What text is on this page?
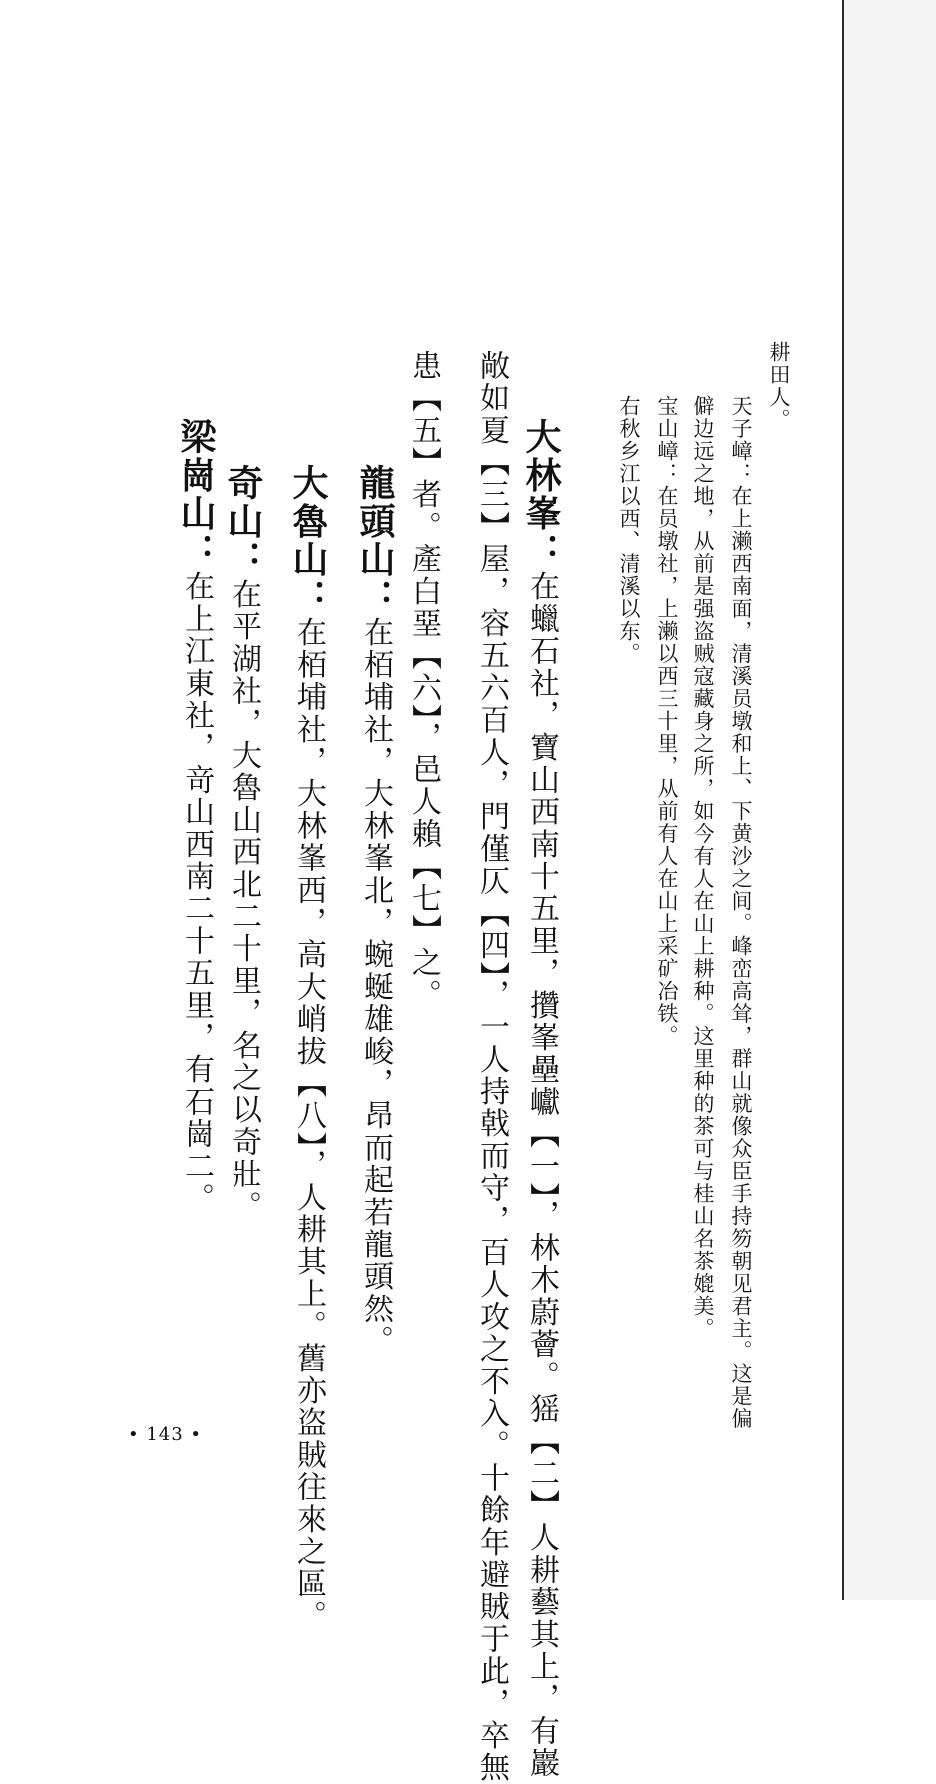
耕田人。
天子嶂：在上濑西南面，清溪员墩和上、下黄沙之间。峰峦高耸，群山就像众臣手持笏朝见君主。这是偏
僻边远之地，从前是强盗贼寇藏身之所，如今有人在山上耕种。这里种的茶可与桂山名茶媲美。
宝山嶂：在员墩社，上濑以西三十里，从前有人在山上采矿冶铁。
右秋乡江以西、清溪以东。
大林峯：在蠟石社，寶山西南十五里，攢峯壘巘【一】，林木蔚薈。猺【二】人耕藝其上，有巖
敞如夏【三】屋，容五六百人，門僅仄【四】，一人持戟而守，百人攻之不入。十餘年避賊于此，卒無
患【五】者。產白堊【六】，邑人賴【七】之。
龍頭山：在栢埔社，大林峯北，蜿蜒雄峻，昂而起若龍頭然。
大魯山：在栢埔社，大林峯西，高大峭拔【八】，人耕其上。舊亦盗賊往來之區。
奇山：在平湖社，大魯山西北二十里，名之以奇壯。
梁崗山：在上江東社，竒山西南二十五里，有石崗二。
• 143 •
